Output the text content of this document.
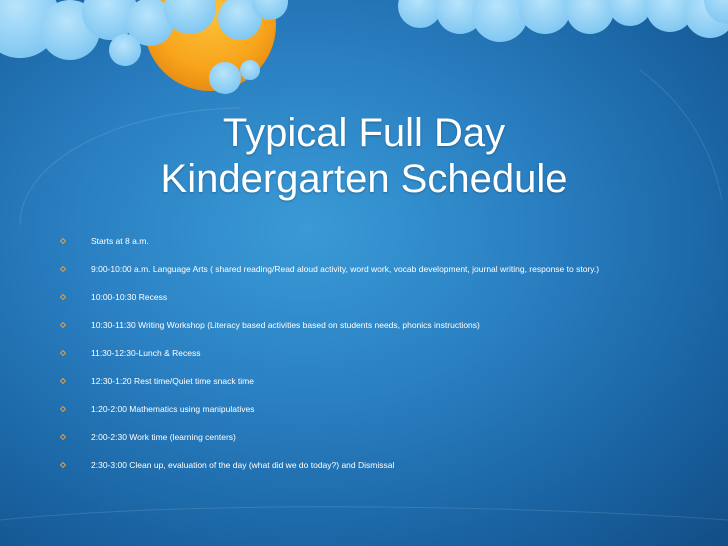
Typical Full Day
Kindergarten Schedule
Starts at 8 a.m.
9:00-10:00 a.m. Language Arts ( shared reading/Read aloud activity, word work, vocab development, journal writing, response to story.)
10:00-10:30 Recess
10:30-11:30 Writing Workshop (Literacy based activities based on students needs, phonics instructions)
11:30-12:30-Lunch & Recess
12:30-1:20 Rest time/Quiet time snack time
1:20-2:00 Mathematics using manipulatives
2:00-2:30 Work time (learning centers)
2:30-3:00 Clean up, evaluation of the day (what did we do today?) and Dismissal
